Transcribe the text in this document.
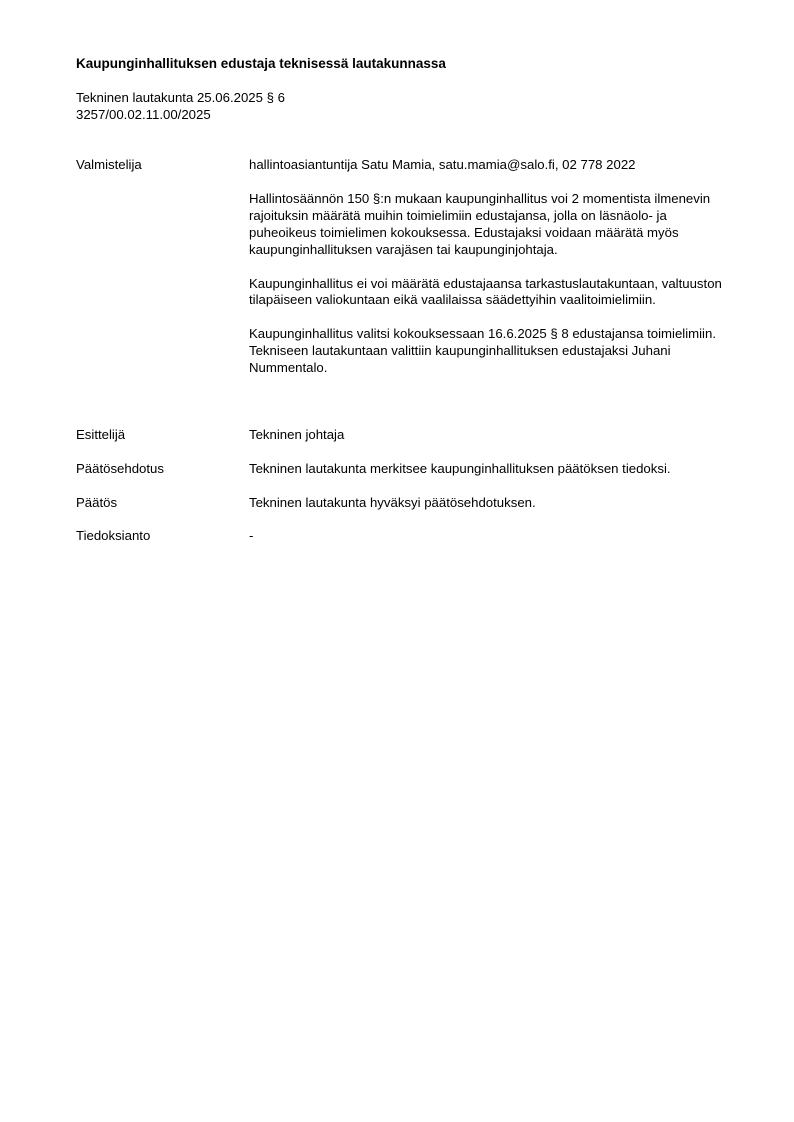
Kaupunginhallituksen edustaja teknisessä lautakunnassa
Tekninen lautakunta 25.06.2025 § 6
3257/00.02.11.00/2025
Valmistelija	hallintoasiantuntija Satu Mamia, satu.mamia@salo.fi, 02 778 2022

Hallintosäännön 150 §:n mukaan kaupunginhallitus voi 2 momentista ilmenevin rajoituksin määrätä muihin toimielimiin edustajansa, jolla on läsnäolo- ja puheoikeus toimielimen kokouksessa. Edustajaksi voidaan määrätä myös kaupunginhallituksen varajäsen tai kaupunginjohtaja.

Kaupunginhallitus ei voi määrätä edustajaansa tarkastuslautakuntaan, valtuuston tilapäiseen valiokuntaan eikä vaalilaissa säädettyihin vaalitoimielimiin.

Kaupunginhallitus valitsi kokouksessaan 16.6.2025 § 8 edustajansa toimielimiin. Tekniseen lautakuntaan valittiin kaupunginhallituksen edustajaksi Juhani Nummentalo.

Esittelijä	Tekninen johtaja
Päätösehdotus	Tekninen lautakunta merkitsee kaupunginhallituksen päätöksen tiedoksi.
Päätös	Tekninen lautakunta hyväksyi päätösehdotuksen.
Tiedoksianto	-
